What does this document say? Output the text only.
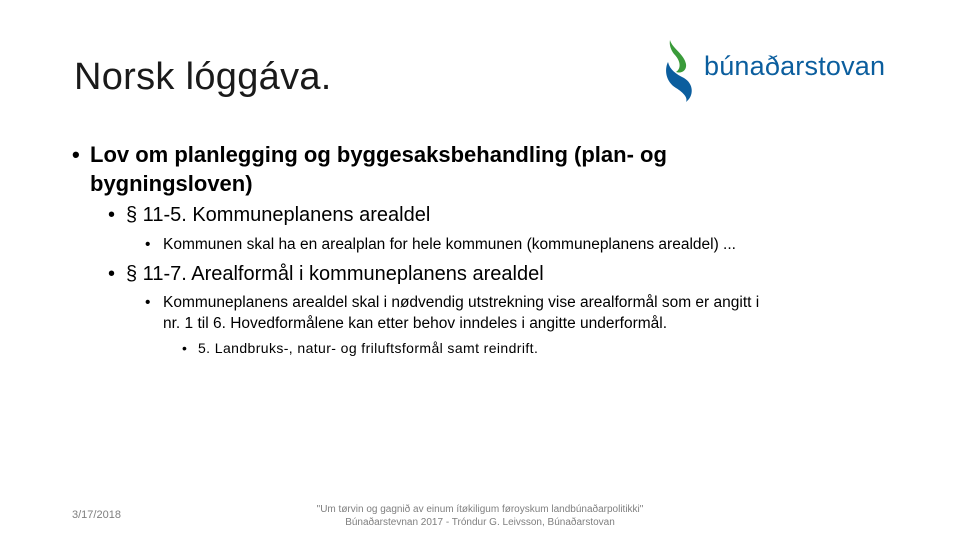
Norsk lóggáva.	búnaðarstovan
• Lov om planlegging og byggesaksbehandling (plan- og
bygningsloven)
• § 11-5. Kommuneplanens arealdel
• Kommunen skal ha en arealplan for hele kommunen (kommuneplanens arealdel) ...
• § 11-7. Arealformål i kommuneplanens arealdel
• Kommuneplanens arealdel skal i nødvendig utstrekning vise arealformål som er angitt i
nr. 1 til 6. Hovedformålene kan etter behov inndeles i angitte underformål.
• 5. Landbruks-, natur- og friluftsformål samt reindrift.
3/17/2018	"Um tørvin og gagnið av einum ítøkiligum føroyskum landbúnaðarpolitikki"
Búnaðarstevnan 2017 - Tróndur G. Leivsson, Búnaðarstovan
